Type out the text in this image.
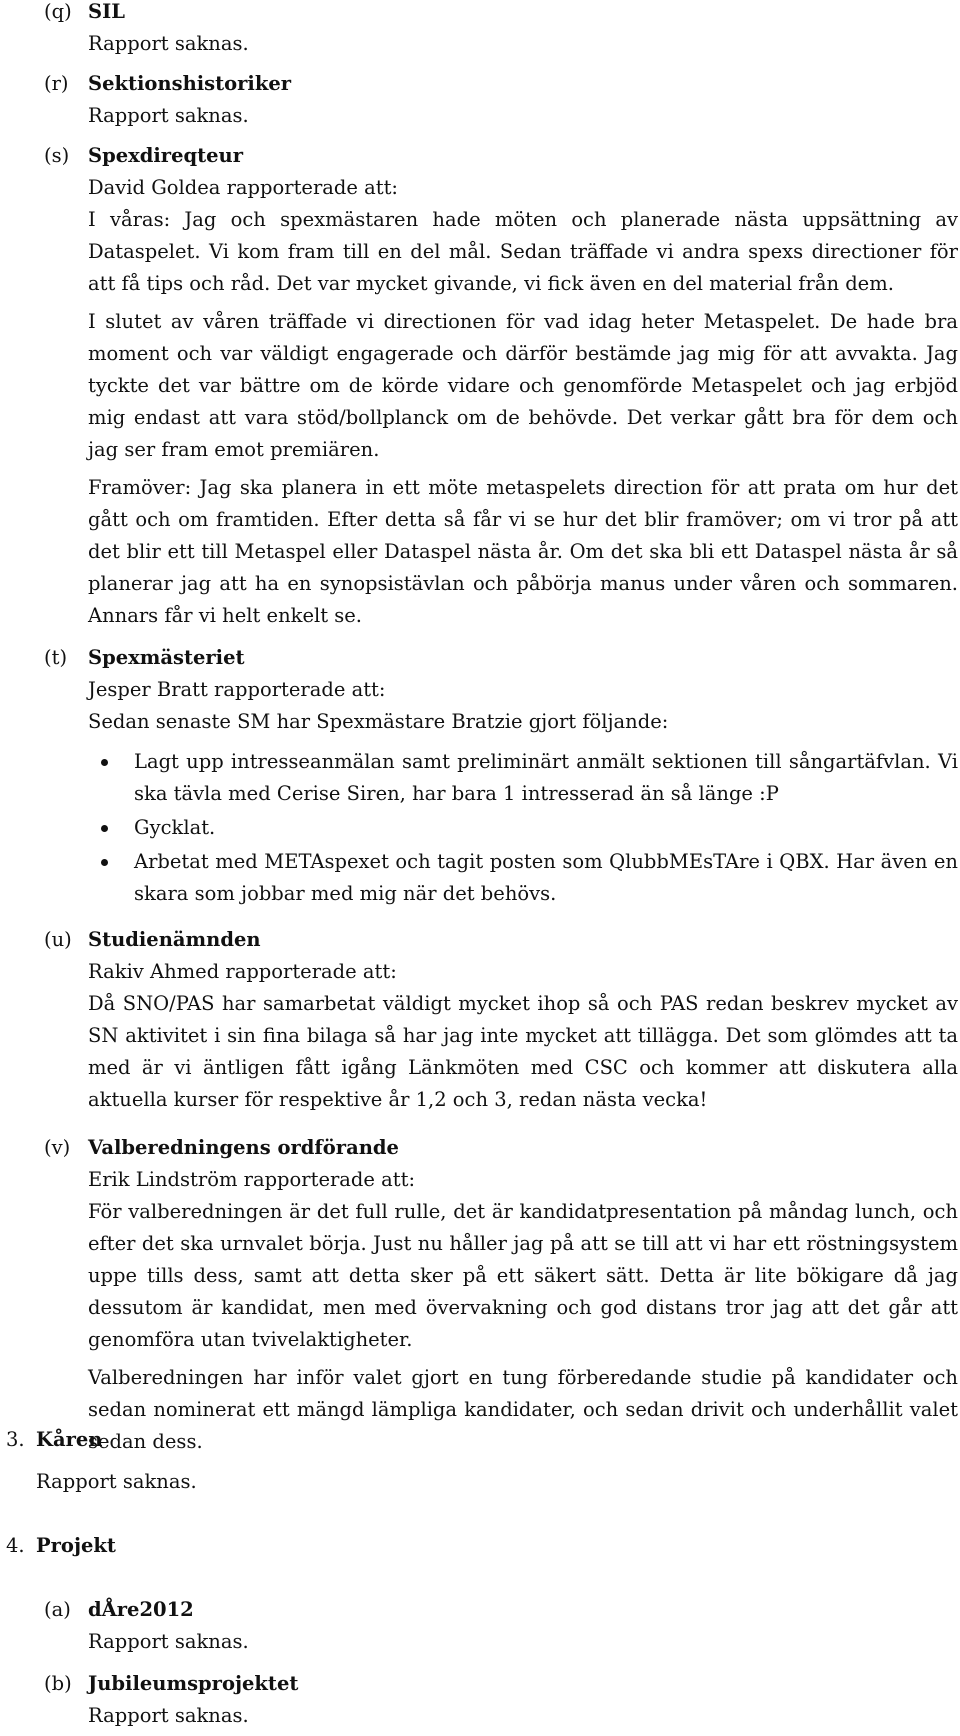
(q) SIL
Rapport saknas.
(r) Sektionshistoriker
Rapport saknas.
(s) Spexdireqteur
David Goldea rapporterade att:

I våras: Jag och spexmästaren hade möten och planerade nästa uppsättning av Dataspelet. Vi kom fram till en del mål. Sedan träffade vi andra spexs directioner för att få tips och råd. Det var mycket givande, vi fick även en del material från dem.

I slutet av våren träffade vi directionen för vad idag heter Metaspelet. De hade bra moment och var väldigt engagerade och därför bestämde jag mig för att avvakta. Jag tyckte det var bättre om de körde vidare och genomförde Metaspelet och jag erbjöd mig endast att vara stöd/bollplanck om de behövde. Det verkar gått bra för dem och jag ser fram emot premiären.

Framöver: Jag ska planera in ett möte metaspelets direction för att prata om hur det gått och om framtiden. Efter detta så får vi se hur det blir framöver; om vi tror på att det blir ett till Metaspel eller Dataspel nästa år. Om det ska bli ett Dataspel nästa år så planerar jag att ha en synopsistävlan och påbörja manus under våren och sommaren. Annars får vi helt enkelt se.

(t)	Spexmästeriet
Jesper Bratt rapporterade att:
Sedan senaste SM har Spexmästare Bratzie gjort följande:
Lagt upp intresseanmälan samt preliminärt anmält sektionen till sångartäfvlan. Vi ska tävla med Cerise Siren, har bara 1 intresserad än så länge :P
Gycklat.
Arbetat med METAspexet och tagit posten som QlubbMEsTAre i QBX. Har även en skara som jobbar med mig när det behövs.
(u) Studienämnden
Rakiv Ahmed rapporterade att:

Då SNO/PAS har samarbetat väldigt mycket ihop så och PAS redan beskrev mycket av SN aktivitet i sin fina bilaga så har jag inte mycket att tillägga. Det som glömdes att ta med är vi äntligen fått igång Länkmöten med CSC och kommer att diskutera alla aktuella kurser för respektive år 1,2 och 3, redan nästa vecka!

(v) Valberedningens ordförande
Erik Lindström rapporterade att:

För valberedningen är det full rulle, det är kandidatpresentation på måndag lunch, och efter det ska urnvalet börja. Just nu håller jag på att se till att vi har ett röstningsystem uppe tills dess, samt att detta sker på ett säkert sätt. Detta är lite bökigare då jag dessutom är kandidat, men med övervakning och god distans tror jag att det går att genomföra utan tvivelaktigheter.

Valberedningen har inför valet gjort en tung förberedande studie på kandidater och sedan nominerat ett mängd lämpliga kandidater, och sedan drivit och underhållit valet sedan dess.

3. Kåren
Rapport saknas.
4. Projekt
(a) dÅre2012
Rapport saknas.
(b) Jubileumsprojektet
Rapport saknas.
